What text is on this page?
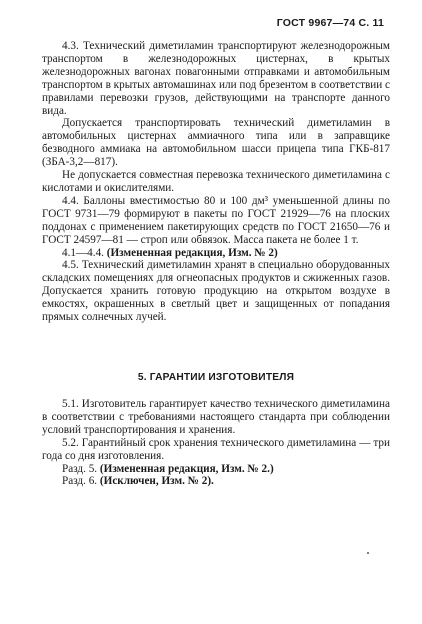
ГОСТ 9967—74 С. 11

4.3. Технический диметиламин транспортируют железнодорожным транспортом в железнодорожных цистернах, в крытых железнодорожных вагонах повагонными отправками и автомобильным транспортом в крытых автомашинах или под брезентом в соответствии с правилами перевозки грузов, действующими на транспорте данного вида.

Допускается транспортировать технический диметиламин в автомобильных цистернах аммиачного типа или в заправщике безводного аммиака на автомобильном шасси прицепа типа ГКБ-817 (ЗБА-3,2—817).

Не допускается совместная перевозка технического диметиламина с кислотами и окислителями.

4.4. Баллоны вместимостью 80 и 100 дм³ уменьшенной длины по ГОСТ 9731—79 формируют в пакеты по ГОСТ 21929—76 на плоских поддонах с применением пакетирующих средств по ГОСТ 21650—76 и ГОСТ 24597—81 — строп или обвязок. Масса пакета не более 1 т.

4.1—4.4. (Измененная редакция, Изм. № 2)

4.5. Технический диметиламин хранят в специально оборудованных складских помещениях для огнеопасных продуктов и сжиженных газов. Допускается хранить готовую продукцию на открытом воздухе в емкостях, окрашенных в светлый цвет и защищенных от попадания прямых солнечных лучей.

5. ГАРАНТИИ ИЗГОТОВИТЕЛЯ

5.1. Изготовитель гарантирует качество технического диметиламина в соответствии с требованиями настоящего стандарта при соблюдении условий транспортирования и хранения.

5.2. Гарантийный срок хранения технического диметиламина — три года со дня изготовления.

Разд. 5. (Измененная редакция, Изм. № 2.)

Разд. 6. (Исключен, Изм. № 2).
